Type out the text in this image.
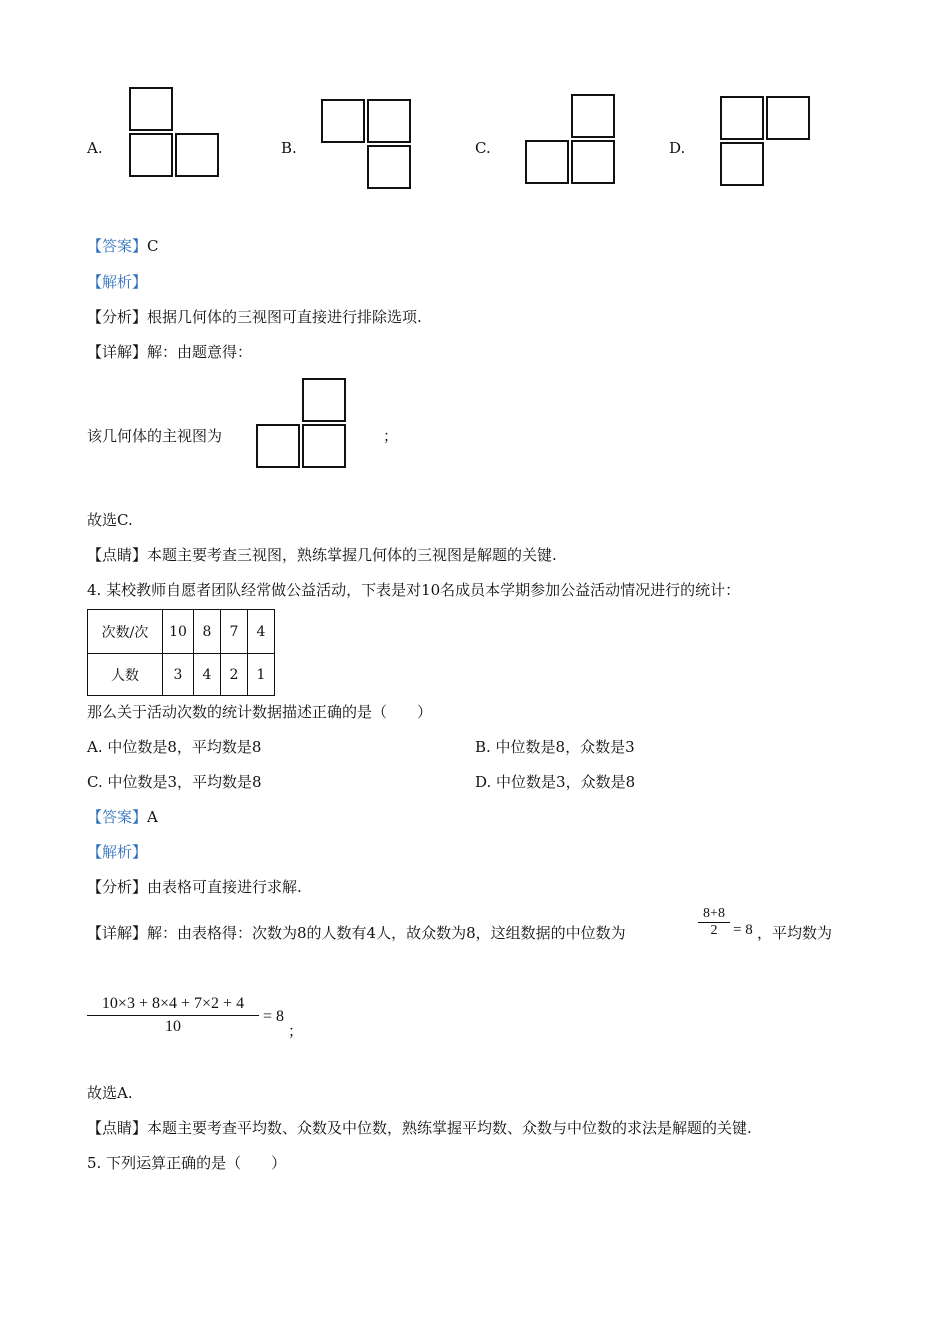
A.	B.	C.	D.
【答案】C
【解析】
【分析】根据几何体的三视图可直接进行排除选项.
【详解】解：由题意得：
该几何体的主视图为	；
故选C.
【点睛】本题主要考查三视图，熟练掌握几何体的三视图是解题的关键.
4. 某校教师自愿者团队经常做公益活动，下表是对10名成员本学期参加公益活动情况进行的统计：
次数/次	10	8	7	4
人数	3	4	2	1
那么关于活动次数的统计数据描述正确的是（　　）
A. 中位数是8，平均数是8	B. 中位数是8，众数是3
C. 中位数是3，平均数是8	D. 中位数是3，众数是8
【答案】A
【解析】
【分析】由表格可直接进行求解.
【详解】解：由表格得：次数为8的人数有4人，故众数为8，这组数据的中位数为
8+8
2	= 8 ，平均数为
10×3 + 8×4 + 7×2 + 4
10
= 8
；
故选A.
【点睛】本题主要考查平均数、众数及中位数，熟练掌握平均数、众数与中位数的求法是解题的关键.
5. 下列运算正确的是（　　）
